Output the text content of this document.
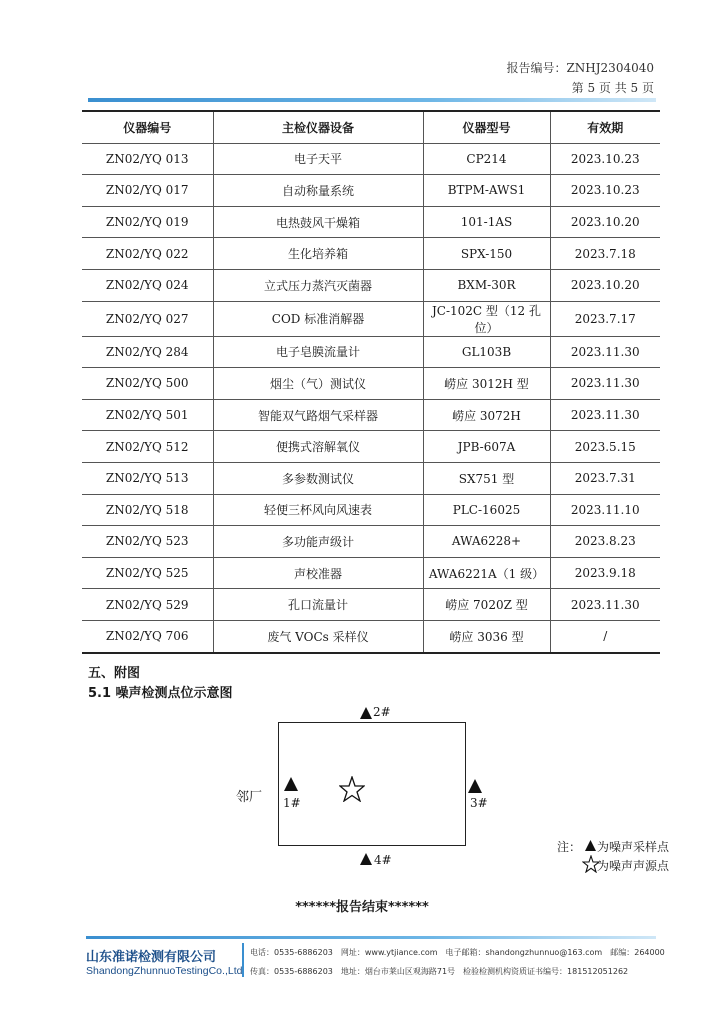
报告编号：ZNHJ2304040
第 5 页 共 5 页
仪器编号	主检仪器设备	仪器型号	有效期
ZN02/YQ 013	电子天平	CP214	2023.10.23
ZN02/YQ 017	自动称量系统	BTPM-AWS1	2023.10.23
ZN02/YQ 019	电热鼓风干燥箱	101-1AS	2023.10.20
ZN02/YQ 022	生化培养箱	SPX-150	2023.7.18
ZN02/YQ 024	立式压力蒸汽灭菌器	BXM-30R	2023.10.20
ZN02/YQ 027	COD 标准消解器	JC-102C 型（12 孔位）	2023.7.17
ZN02/YQ 284	电子皂膜流量计	GL103B	2023.11.30
ZN02/YQ 500	烟尘（气）测试仪	崂应 3012H 型	2023.11.30
ZN02/YQ 501	智能双气路烟气采样器	崂应 3072H	2023.11.30
ZN02/YQ 512	便携式溶解氧仪	JPB-607A	2023.5.15
ZN02/YQ 513	多参数测试仪	SX751 型	2023.7.31
ZN02/YQ 518	轻便三杯风向风速表	PLC-16025	2023.11.10
ZN02/YQ 523	多功能声级计	AWA6228+	2023.8.23
ZN02/YQ 525	声校准器	AWA6221A（1 级）	2023.9.18
ZN02/YQ 529	孔口流量计	崂应 7020Z 型	2023.11.30
ZN02/YQ 706	废气 VOCs 采样仪	崂应 3036 型	/
五、附图
5.1 噪声检测点位示意图
2#
1#	3#
4#
邻厂
注： 为噪声采样点
为噪声声源点
******报告结束******
山东准诺检测有限公司
ShandongZhunnuoTestingCo.,Ltd
电话：0535-6886203　网址：www.ytjiance.com　电子邮箱：shandongzhunnuo@163.com　邮编：264000
传真：0535-6886203　地址：烟台市莱山区观海路71号　检验检测机构资质证书编号：181512051262
